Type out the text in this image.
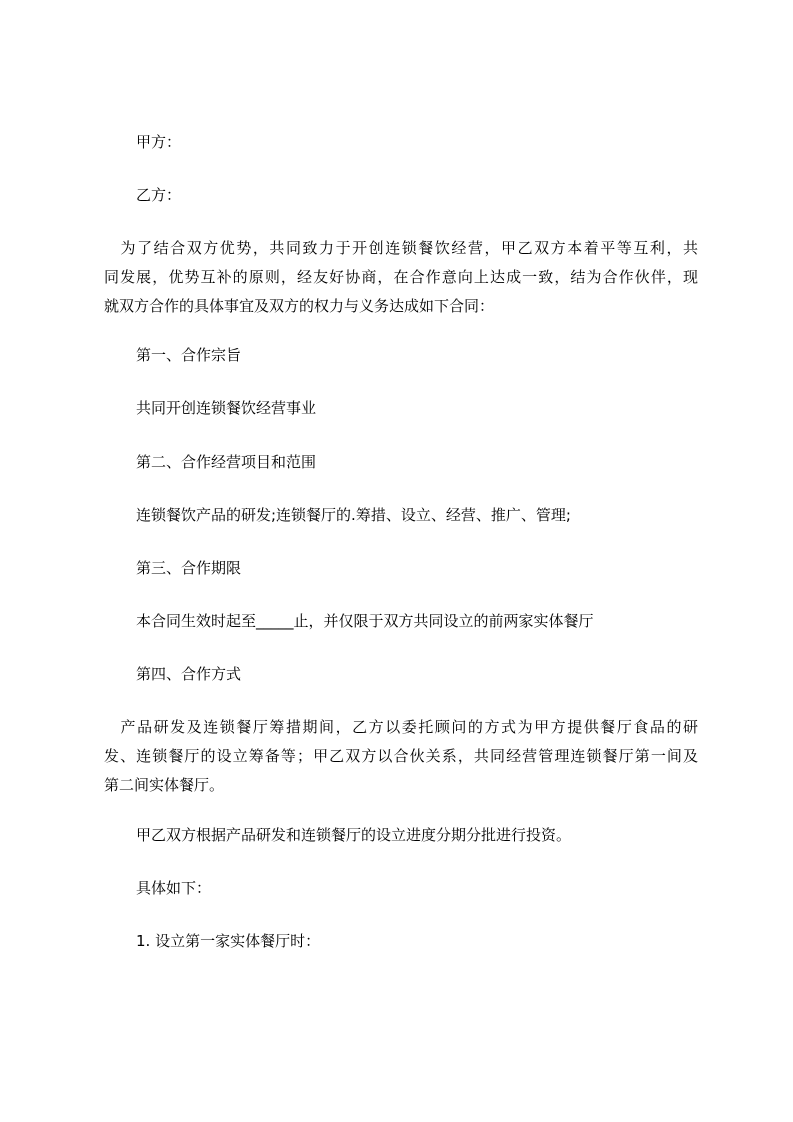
甲方：

乙方：

　为了结合双方优势，共同致力于开创连锁餐饮经营，甲乙双方本着平等互利，共
同发展，优势互补的原则，经友好协商，在合作意向上达成一致，结为合作伙伴，现
就双方合作的具体事宜及双方的权力与义务达成如下合同：

第一、合作宗旨

共同开创连锁餐饮经营事业

第二、合作经营项目和范围

连锁餐饮产品的研发;连锁餐厅的.筹措、设立、经营、推广、管理;

第三、合作期限

本合同生效时起至_____止，并仅限于双方共同设立的前两家实体餐厅

第四、合作方式

　产品研发及连锁餐厅筹措期间，乙方以委托顾问的方式为甲方提供餐厅食品的研
发、连锁餐厅的设立筹备等；甲乙双方以合伙关系，共同经营管理连锁餐厅第一间及
第二间实体餐厅。

甲乙双方根据产品研发和连锁餐厅的设立进度分期分批进行投资。

具体如下：

1. 设立第一家实体餐厅时：
